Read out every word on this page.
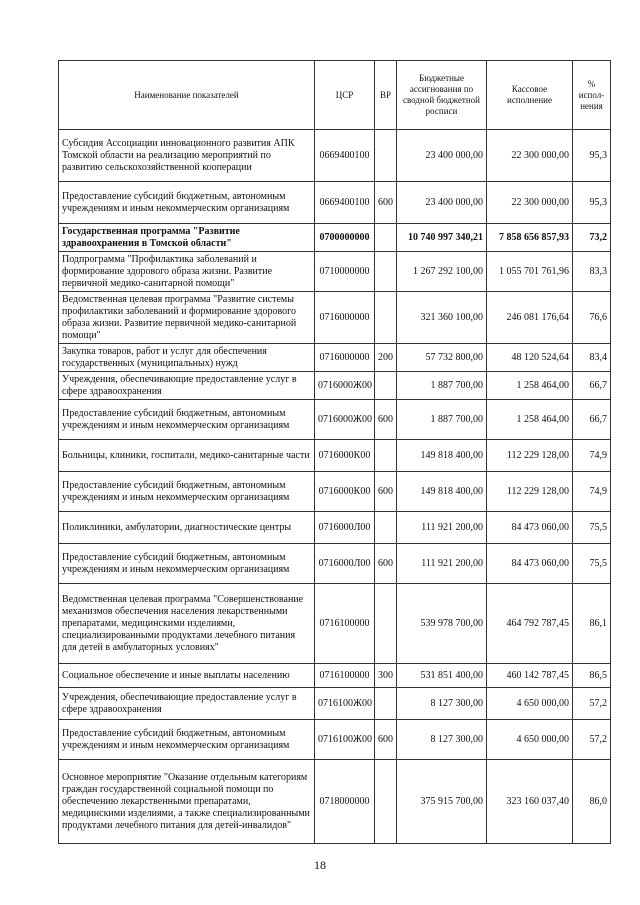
Наименование показателей	ЦСР	ВР	Бюджетные ассигнования по сводной бюджетной росписи	Кассовое исполнение	% испол-нения
Субсидия Ассоциации инновационного развития АПК Томской области на реализацию мероприятий по развитию сельскохозяйственной кооперации	0669400100		23 400 000,00	22 300 000,00	95,3
Предоставление субсидий бюджетным, автономным учреждениям и иным некоммерческим организациям	0669400100	600	23 400 000,00	22 300 000,00	95,3
Государственная программа "Развитие здравоохранения в Томской области"	0700000000		10 740 997 340,21	7 858 656 857,93	73,2
Подпрограмма "Профилактика заболеваний и формирование здорового образа жизни. Развитие первичной медико-санитарной помощи"	0710000000		1 267 292 100,00	1 055 701 761,96	83,3
Ведомственная целевая программа "Развитие системы профилактики заболеваний и формирование здорового образа жизни. Развитие первичной медико-санитарной помощи"	0716000000		321 360 100,00	246 081 176,64	76,6
Закупка товаров, работ и услуг для обеспечения государственных (муниципальных) нужд	0716000000	200	57 732 800,00	48 120 524,64	83,4
Учреждения, обеспечивающие предоставление услуг в сфере здравоохранения	0716000Ж00		1 887 700,00	1 258 464,00	66,7
Предоставление субсидий бюджетным, автономным учреждениям и иным некоммерческим организациям	0716000Ж00	600	1 887 700,00	1 258 464,00	66,7
Больницы, клиники, госпитали, медико-санитарные части	0716000К00		149 818 400,00	112 229 128,00	74,9
Предоставление субсидий бюджетным, автономным учреждениям и иным некоммерческим организациям	0716000К00	600	149 818 400,00	112 229 128,00	74,9
Поликлиники, амбулатории, диагностические центры	0716000Л00		111 921 200,00	84 473 060,00	75,5
Предоставление субсидий бюджетным, автономным учреждениям и иным некоммерческим организациям	0716000Л00	600	111 921 200,00	84 473 060,00	75,5
Ведомственная целевая программа "Совершенствование механизмов обеспечения населения лекарственными препаратами, медицинскими изделиями, специализированными продуктами лечебного питания для детей в амбулаторных условиях"	0716100000		539 978 700,00	464 792 787,45	86,1
Социальное обеспечение и иные выплаты населению	0716100000	300	531 851 400,00	460 142 787,45	86,5
Учреждения, обеспечивающие предоставление услуг в сфере здравоохранения	0716100Ж00		8 127 300,00	4 650 000,00	57,2
Предоставление субсидий бюджетным, автономным учреждениям и иным некоммерческим организациям	0716100Ж00	600	8 127 300,00	4 650 000,00	57,2
Основное мероприятие "Оказание отдельным категориям граждан государственной социальной помощи по обеспечению лекарственными препаратами, медицинскими изделиями, а также специализированными продуктами лечебного питания для детей-инвалидов"	0718000000		375 915 700,00	323 160 037,40	86,0
18
